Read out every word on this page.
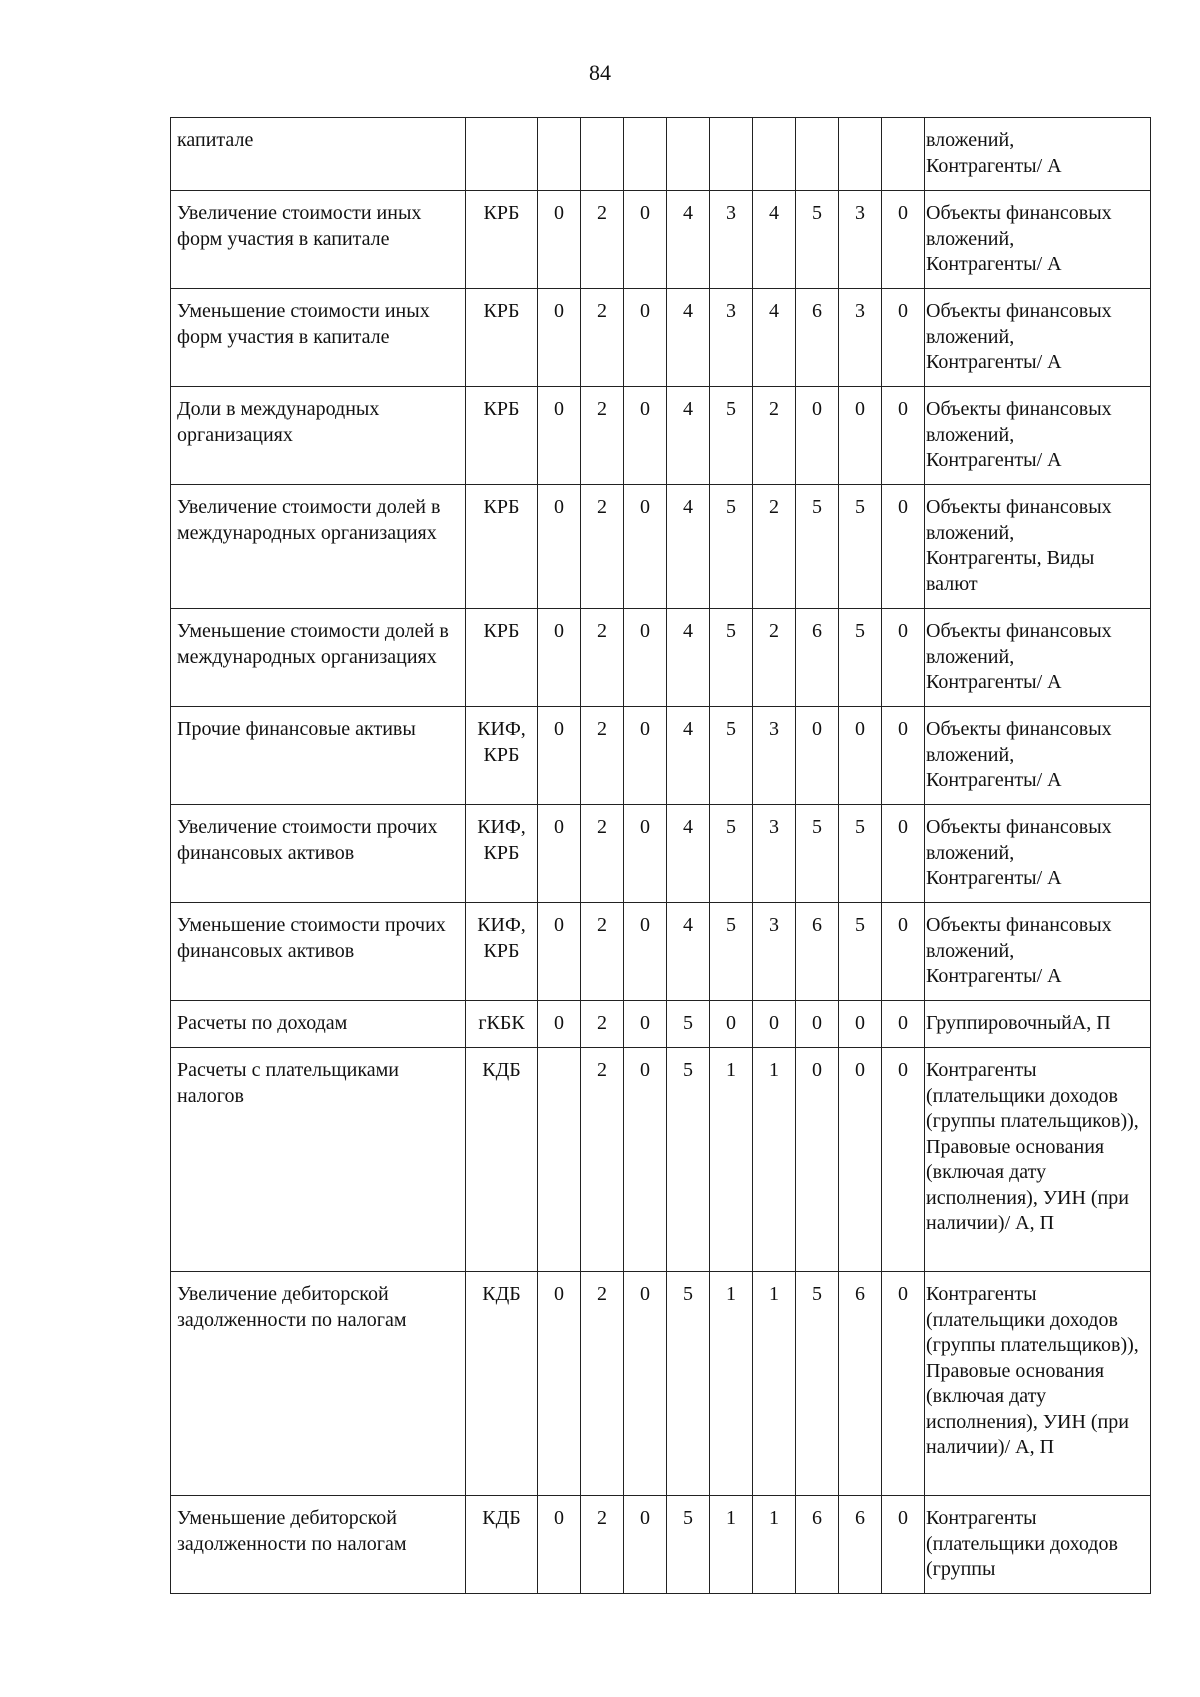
84
капитале											вложений,
Контрагенты/ А
Увеличение стоимости иных форм участия в капитале	КРБ	0	2	0	4	3	4	5	3	0	Объекты финансовых вложений,
Контрагенты/ А
Уменьшение стоимости иных форм участия в капитале	КРБ	0	2	0	4	3	4	6	3	0	Объекты финансовых вложений,
Контрагенты/ А
Доли в международных организациях	КРБ	0	2	0	4	5	2	0	0	0	Объекты финансовых вложений,
Контрагенты/ А
Увеличение стоимости долей в международных организациях	КРБ	0	2	0	4	5	2	5	5	0	Объекты финансовых вложений,
Контрагенты, Виды валют
Уменьшение стоимости долей в международных организациях	КРБ	0	2	0	4	5	2	6	5	0	Объекты финансовых вложений,
Контрагенты/ А
Прочие финансовые активы	КИФ, КРБ	0	2	0	4	5	3	0	0	0	Объекты финансовых вложений,
Контрагенты/ А
Увеличение стоимости прочих финансовых активов	КИФ, КРБ	0	2	0	4	5	3	5	5	0	Объекты финансовых вложений,
Контрагенты/ А
Уменьшение стоимости прочих финансовых активов	КИФ, КРБ	0	2	0	4	5	3	6	5	0	Объекты финансовых вложений,
Контрагенты/ А
Расчеты по доходам	гКБК	0	2	0	5	0	0	0	0	0	ГруппировочныйА, П
Расчеты с плательщиками налогов	КДБ		2	0	5	1	1	0	0	0	Контрагенты (плательщики доходов (группы плательщиков)), Правовые основания (включая дату исполнения), УИН (при наличии)/ А, П
Увеличение дебиторской задолженности по налогам	КДБ	0	2	0	5	1	1	5	6	0	Контрагенты (плательщики доходов (группы плательщиков)), Правовые основания (включая дату исполнения), УИН (при наличии)/ А, П
Уменьшение дебиторской задолженности по налогам	КДБ	0	2	0	5	1	1	6	6	0	Контрагенты (плательщики доходов (группы
